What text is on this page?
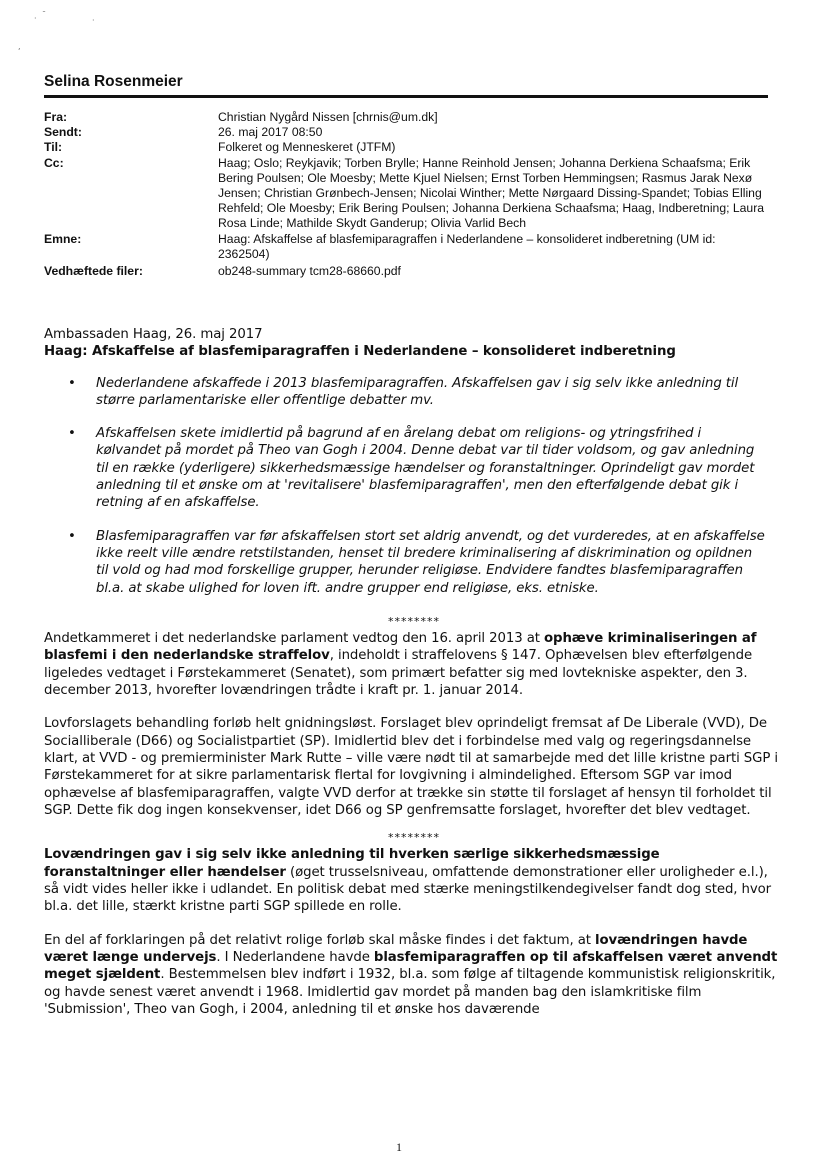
· ˉ
·
,
Selina Rosenmeier
Fra:	Christian Nygård Nissen [chrnis@um.dk]
Sendt:	26. maj 2017 08:50
Til:	Folkeret og Menneskeret (JTFM)
Cc:	Haag; Oslo; Reykjavik; Torben Brylle; Hanne Reinhold Jensen; Johanna Derkiena Schaafsma; Erik Bering Poulsen; Ole Moesby; Mette Kjuel Nielsen; Ernst Torben Hemmingsen; Rasmus Jarak Nexø Jensen; Christian Grønbech-Jensen; Nicolai Winther; Mette Nørgaard Dissing-Spandet; Tobias Elling Rehfeld; Ole Moesby; Erik Bering Poulsen; Johanna Derkiena Schaafsma; Haag, Indberetning; Laura Rosa Linde; Mathilde Skydt Ganderup; Olivia Varlid Bech
Emne:	Haag: Afskaffelse af blasfemiparagraffen i Nederlandene – konsolideret indberetning (UM id: 2362504)
Vedhæftede filer:	ob248-summary tcm28-68660.pdf

Ambassaden Haag, 26. maj 2017

Haag: Afskaffelse af blasfemiparagraffen i Nederlandene – konsolideret indberetning

• Nederlandene afskaffede i 2013 blasfemiparagraffen. Afskaffelsen gav i sig selv ikke anledning til større parlamentariske eller offentlige debatter mv.
• Afskaffelsen skete imidlertid på bagrund af en årelang debat om religions- og ytringsfrihed i kølvandet på mordet på Theo van Gogh i 2004. Denne debat var til tider voldsom, og gav anledning til en række (yderligere) sikkerhedsmæssige hændelser og foranstaltninger. Oprindeligt gav mordet anledning til et ønske om at 'revitalisere' blasfemiparagraffen', men den efterfølgende debat gik i retning af en afskaffelse.
• Blasfemiparagraffen var før afskaffelsen stort set aldrig anvendt, og det vurderedes, at en afskaffelse ikke reelt ville ændre retstilstanden, henset til bredere kriminalisering af diskrimination og opildnen til vold og had mod forskellige grupper, herunder religiøse. Endvidere fandtes blasfemiparagraffen bl.a. at skabe ulighed for loven ift. andre grupper end religiøse, eks. etniske.

********

Andetkammeret i det nederlandske parlament vedtog den 16. april 2013 at ophæve kriminaliseringen af blasfemi i den nederlandske straffelov, indeholdt i straffelovens § 147. Ophævelsen blev efterfølgende ligeledes vedtaget i Førstekammeret (Senatet), som primært befatter sig med lovtekniske aspekter, den 3. december 2013, hvorefter lovændringen trådte i kraft pr. 1. januar 2014.

Lovforslagets behandling forløb helt gnidningsløst. Forslaget blev oprindeligt fremsat af De Liberale (VVD), De Socialliberale (D66) og Socialistpartiet (SP). Imidlertid blev det i forbindelse med valg og regeringsdannelse klart, at VVD - og premierminister Mark Rutte – ville være nødt til at samarbejde med det lille kristne parti SGP i Førstekammeret for at sikre parlamentarisk flertal for lovgivning i almindelighed. Eftersom SGP var imod ophævelse af blasfemiparagraffen, valgte VVD derfor at trække sin støtte til forslaget af hensyn til forholdet til SGP. Dette fik dog ingen konsekvenser, idet D66 og SP genfremsatte forslaget, hvorefter det blev vedtaget.

********

Lovændringen gav i sig selv ikke anledning til hverken særlige sikkerhedsmæssige foranstaltninger eller hændelser (øget trusselsniveau, omfattende demonstrationer eller uroligheder e.l.), så vidt vides heller ikke i udlandet. En politisk debat med stærke meningstilkendegivelser fandt dog sted, hvor bl.a. det lille, stærkt kristne parti SGP spillede en rolle.

En del af forklaringen på det relativt rolige forløb skal måske findes i det faktum, at lovændringen havde været længe undervejs. I Nederlandene havde blasfemiparagraffen op til afskaffelsen været anvendt meget sjældent. Bestemmelsen blev indført i 1932, bl.a. som følge af tiltagende kommunistisk religionskritik, og havde senest været anvendt i 1968. Imidlertid gav mordet på manden bag den islamkritiske film 'Submission', Theo van Gogh, i 2004, anledning til et ønske hos daværende

1
